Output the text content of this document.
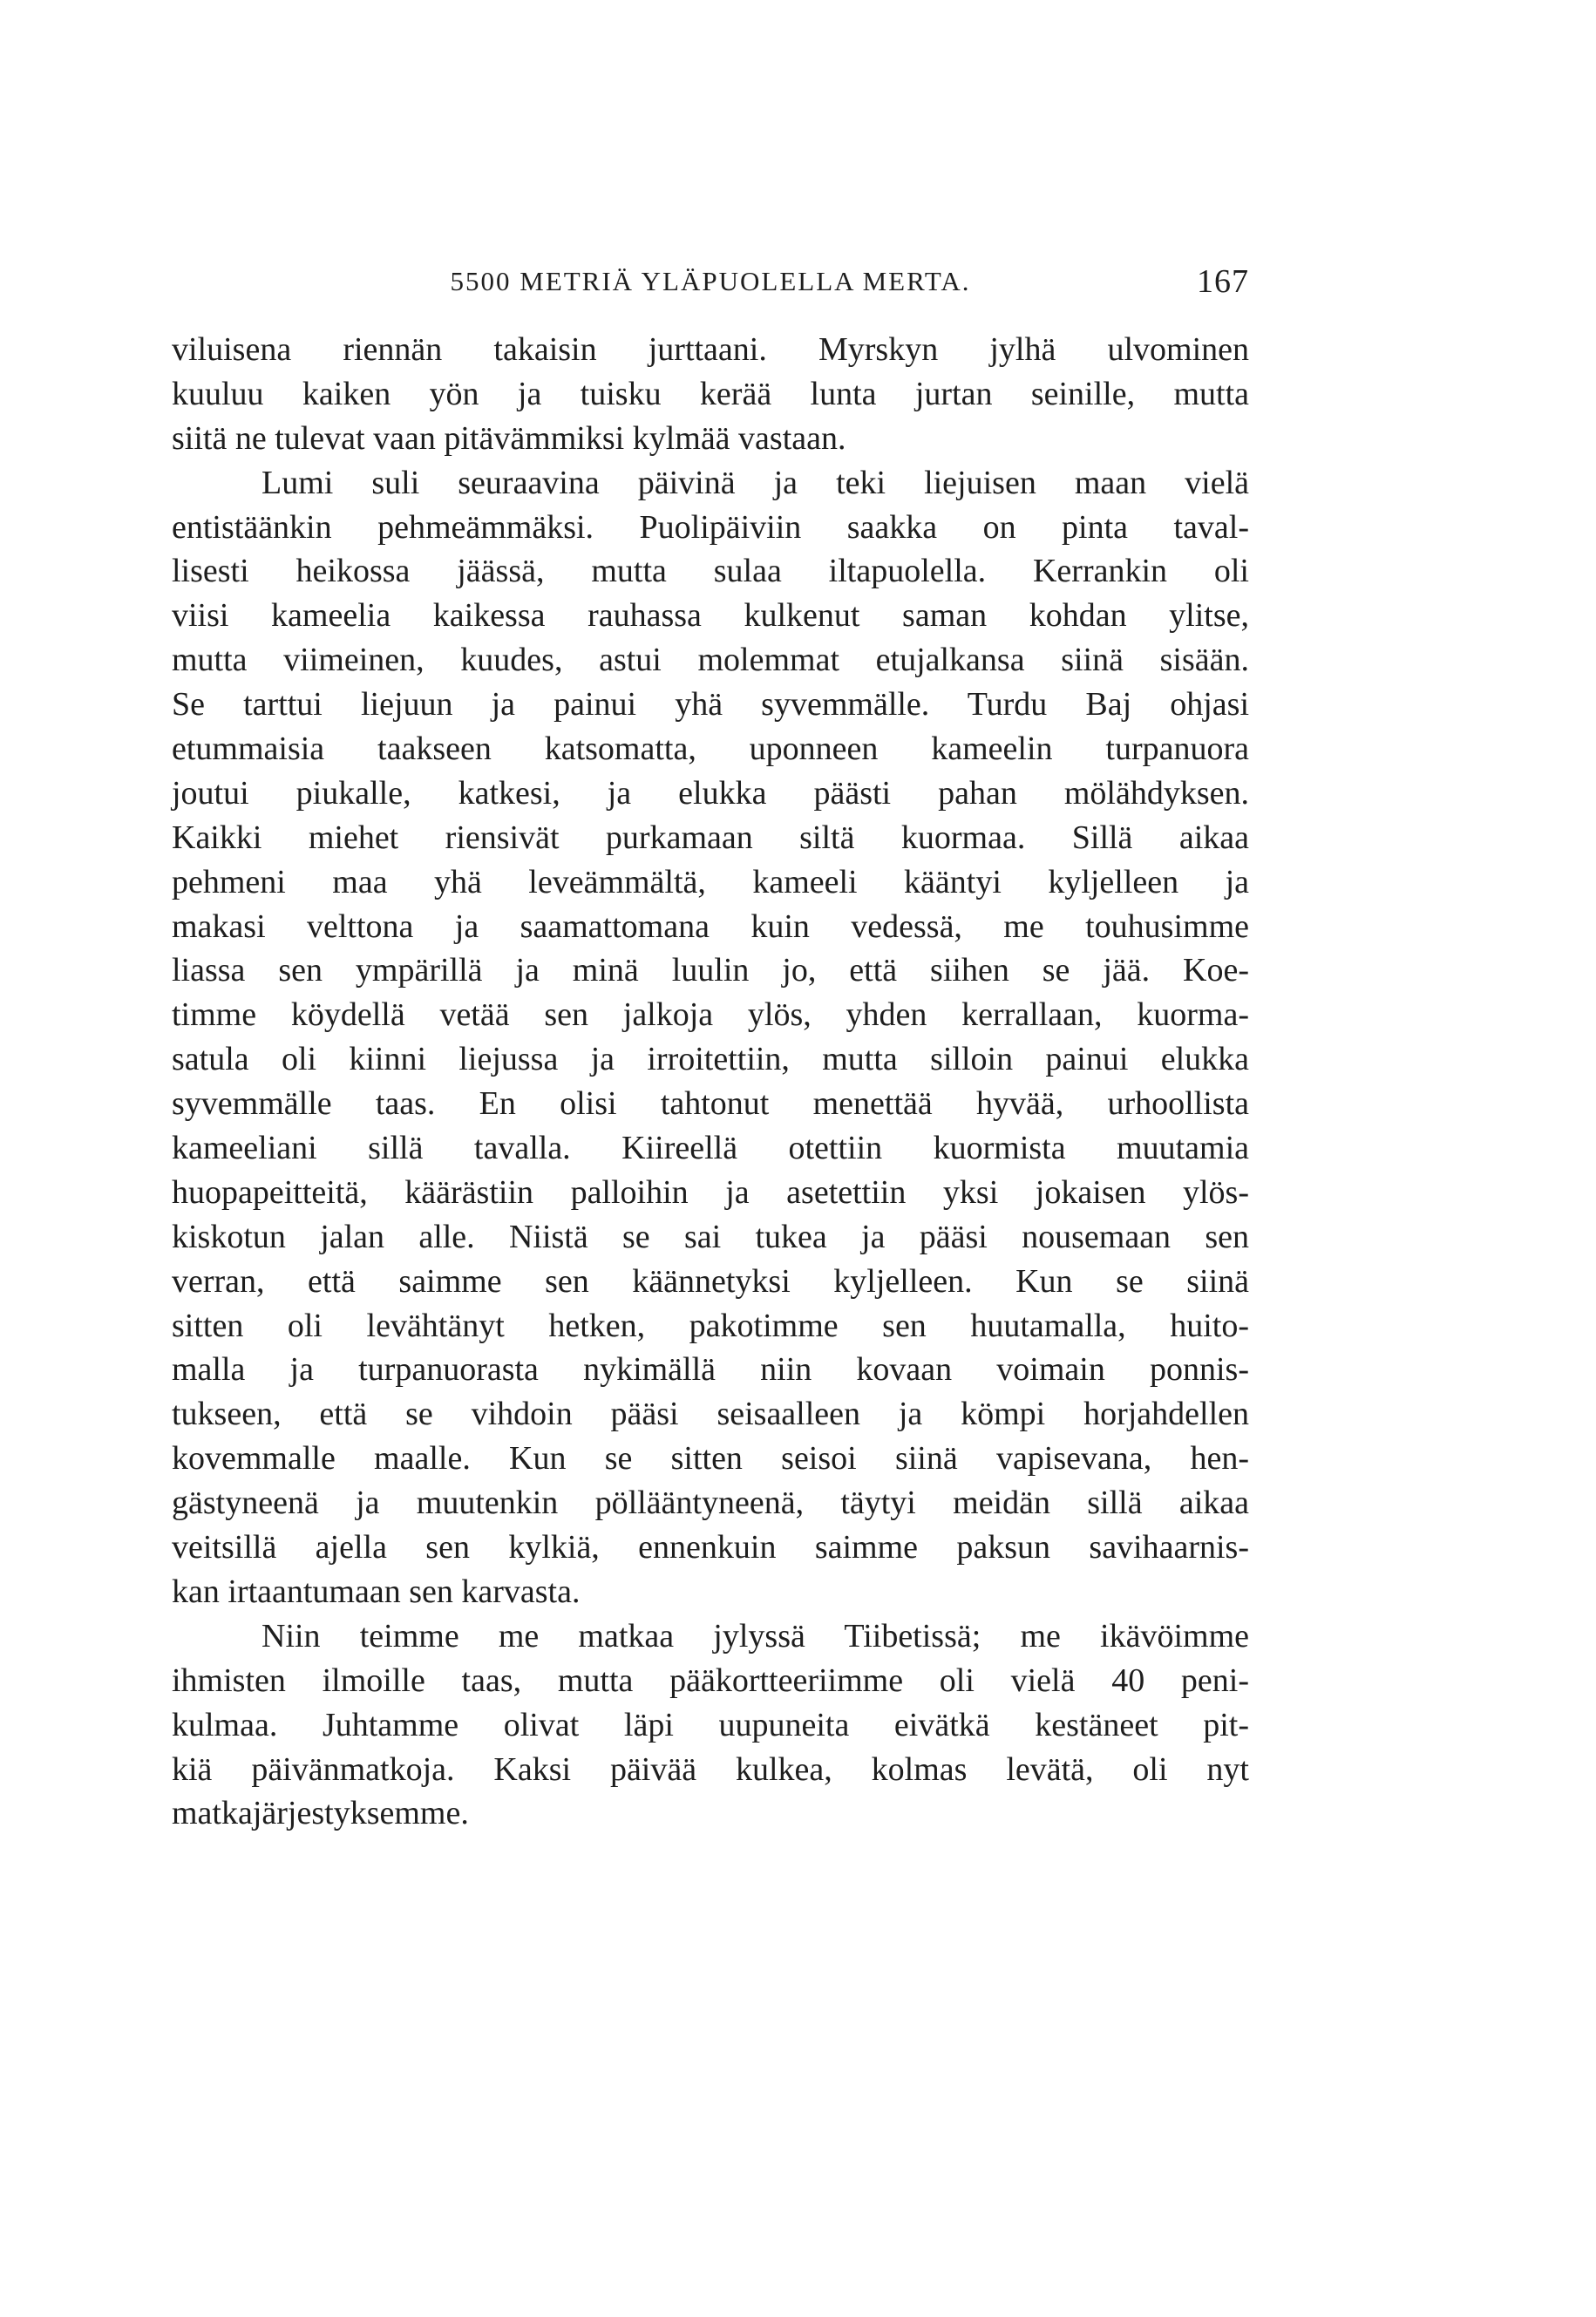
5500 METRIÄ YLÄPUOLELLA MERTA.	167
viluisena riennän takaisin jurttaani. Myrskyn jylhä ulvominen
kuuluu kaiken yön ja tuisku kerää lunta jurtan seinille, mutta
siitä ne tulevat vaan pitävämmiksi kylmää vastaan.
Lumi suli seuraavina päivinä ja teki liejuisen maan vielä
entistäänkin pehmeämmäksi. Puolipäiviin saakka on pinta taval-
lisesti heikossa jäässä, mutta sulaa iltapuolella. Kerrankin oli
viisi kameelia kaikessa rauhassa kulkenut saman kohdan ylitse,
mutta viimeinen, kuudes, astui molemmat etujalkansa siinä sisään.
Se tarttui liejuun ja painui yhä syvemmälle. Turdu Baj ohjasi
etummaisia taakseen katsomatta, uponneen kameelin turpanuora
joutui piukalle, katkesi, ja elukka päästi pahan mölähdyksen.
Kaikki miehet riensivät purkamaan siltä kuormaa. Sillä aikaa
pehmeni maa yhä leveämmältä, kameeli kääntyi kyljelleen ja
makasi velttona ja saamattomana kuin vedessä, me touhusimme
liassa sen ympärillä ja minä luulin jo, että siihen se jää. Koe-
timme köydellä vetää sen jalkoja ylös, yhden kerrallaan, kuorma-
satula oli kiinni liejussa ja irroitettiin, mutta silloin painui elukka
syvemmälle taas. En olisi tahtonut menettää hyvää, urhoollista
kameeliani sillä tavalla. Kiireellä otettiin kuormista muutamia
huopapeitteitä, käärästiin palloihin ja asetettiin yksi jokaisen ylös-
kiskotun jalan alle. Niistä se sai tukea ja pääsi nousemaan sen
verran, että saimme sen käännetyksi kyljelleen. Kun se siinä
sitten oli levähtänyt hetken, pakotimme sen huutamalla, huito-
malla ja turpanuorasta nykimällä niin kovaan voimain ponnis-
tukseen, että se vihdoin pääsi seisaalleen ja kömpi horjahdellen
kovemmalle maalle. Kun se sitten seisoi siinä vapisevana, hen-
gästyneenä ja muutenkin pöllääntyneenä, täytyi meidän sillä aikaa
veitsillä ajella sen kylkiä, ennenkuin saimme paksun savihaarnis-
kan irtaantumaan sen karvasta.
Niin teimme me matkaa jylyssä Tiibetissä; me ikävöimme
ihmisten ilmoille taas, mutta pääkortteeriimme oli vielä 40 peni-
kulmaa. Juhtamme olivat läpi uupuneita eivätkä kestäneet pit-
kiä päivänmatkoja. Kaksi päivää kulkea, kolmas levätä, oli nyt
matkajärjestyksemme.
